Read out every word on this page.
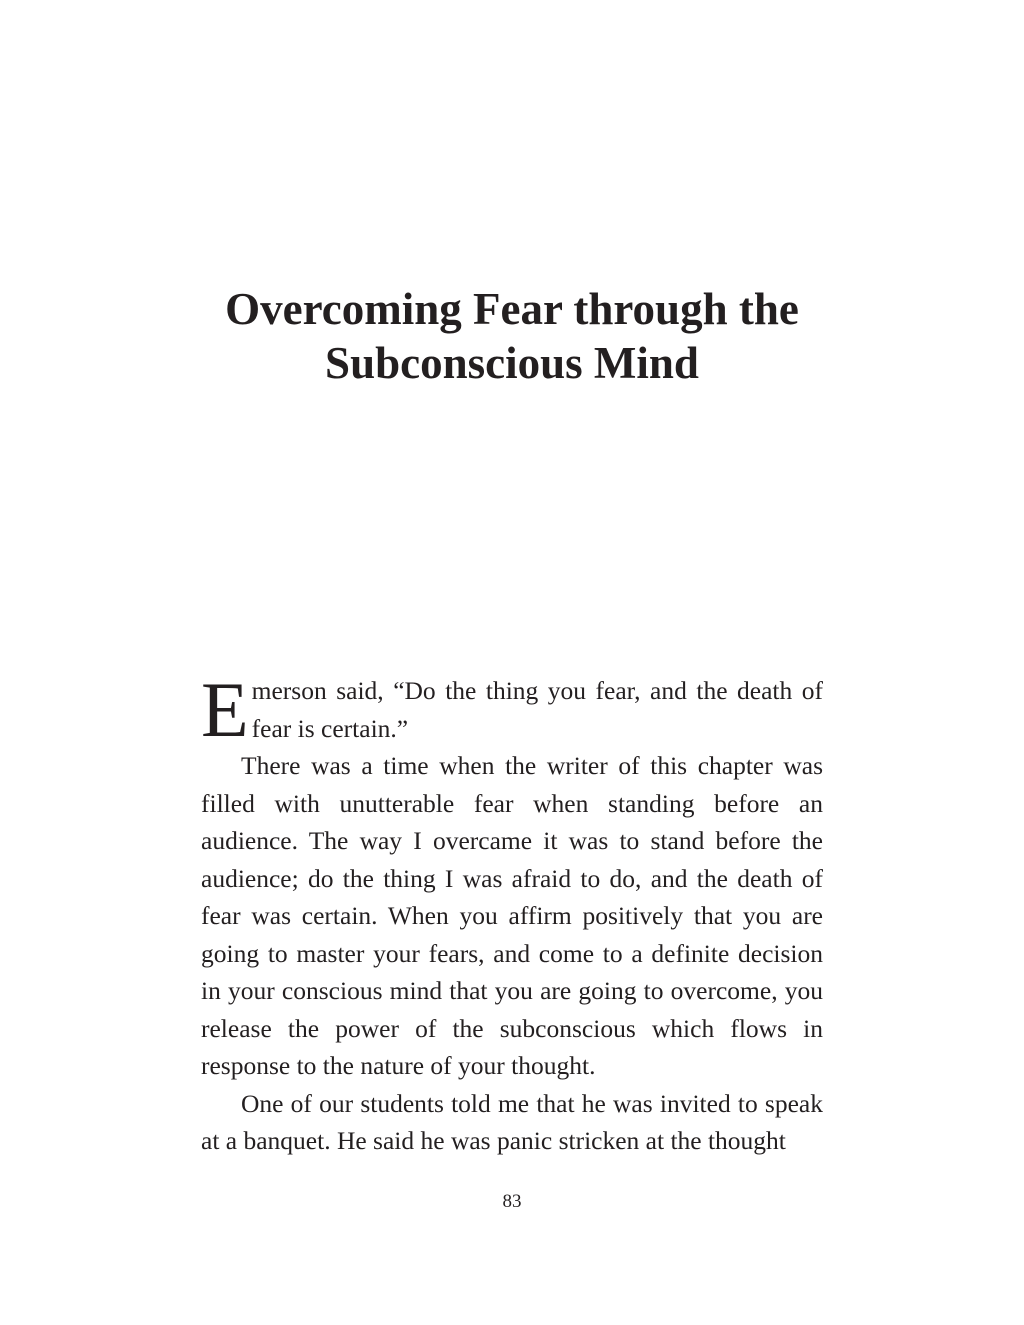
Overcoming Fear through the
Subconscious Mind

Emerson said, “Do the thing you fear, and the death of fear is certain.”

There was a time when the writer of this chapter was filled with unutterable fear when standing before an audience. The way I overcame it was to stand before the audience; do the thing I was afraid to do, and the death of fear was certain. When you affirm positively that you are going to master your fears, and come to a definite decision in your conscious mind that you are going to overcome, you release the power of the subconscious which flows in response to the nature of your thought.

One of our students told me that he was invited to speak at a banquet. He said he was panic stricken at the thought

83
